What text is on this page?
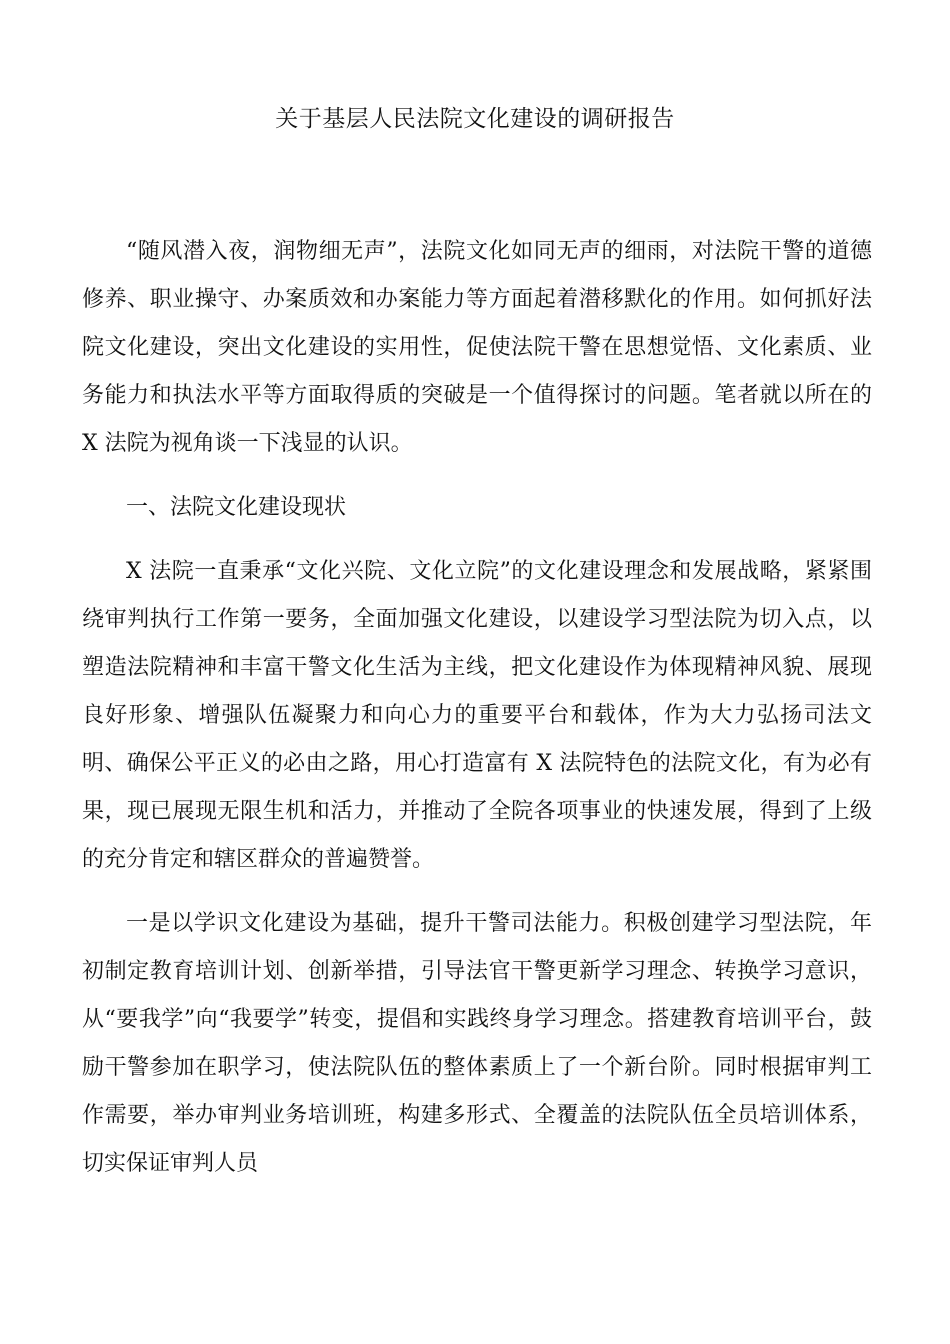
关于基层人民法院文化建设的调研报告

“随风潜入夜，润物细无声”，法院文化如同无声的细雨，对法院干警的道德修养、职业操守、办案质效和办案能力等方面起着潜移默化的作用。如何抓好法院文化建设，突出文化建设的实用性，促使法院干警在思想觉悟、文化素质、业务能力和执法水平等方面取得质的突破是一个值得探讨的问题。笔者就以所在的 X 法院为视角谈一下浅显的认识。

一、法院文化建设现状

X 法院一直秉承“文化兴院、文化立院”的文化建设理念和发展战略，紧紧围绕审判执行工作第一要务，全面加强文化建设，以建设学习型法院为切入点，以塑造法院精神和丰富干警文化生活为主线，把文化建设作为体现精神风貌、展现良好形象、增强队伍凝聚力和向心力的重要平台和载体，作为大力弘扬司法文明、确保公平正义的必由之路，用心打造富有 X 法院特色的法院文化，有为必有果，现已展现无限生机和活力，并推动了全院各项事业的快速发展，得到了上级的充分肯定和辖区群众的普遍赞誉。

一是以学识文化建设为基础，提升干警司法能力。积极创建学习型法院，年初制定教育培训计划、创新举措，引导法官干警更新学习理念、转换学习意识，从“要我学”向“我要学”转变，提倡和实践终身学习理念。搭建教育培训平台，鼓励干警参加在职学习，使法院队伍的整体素质上了一个新台阶。同时根据审判工作需要，举办审判业务培训班，构建多形式、全覆盖的法院队伍全员培训体系，切实保证审判人员
